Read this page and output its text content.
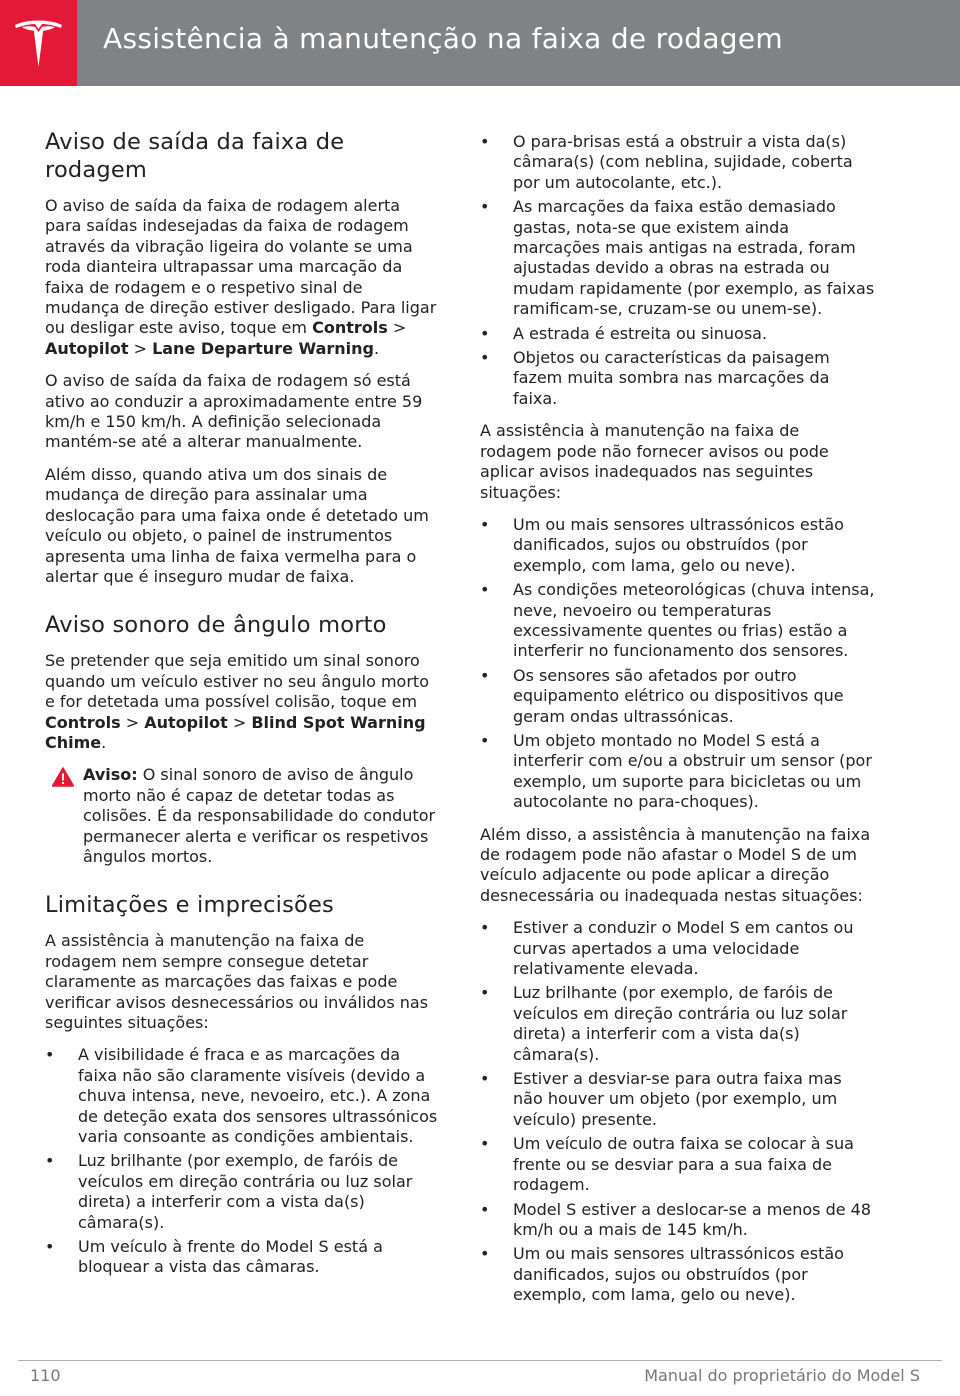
Assistência à manutenção na faixa de rodagem
Aviso de saída da faixa de rodagem

O aviso de saída da faixa de rodagem alerta para saídas indesejadas da faixa de rodagem através da vibração ligeira do volante se uma roda dianteira ultrapassar uma marcação da faixa de rodagem e o respetivo sinal de mudança de direção estiver desligado. Para ligar ou desligar este aviso, toque em Controls > Autopilot > Lane Departure Warning.

O aviso de saída da faixa de rodagem só está ativo ao conduzir a aproximadamente entre 59 km/h e 150 km/h. A definição selecionada mantém-se até a alterar manualmente.

Além disso, quando ativa um dos sinais de mudança de direção para assinalar uma deslocação para uma faixa onde é detetado um veículo ou objeto, o painel de instrumentos apresenta uma linha de faixa vermelha para o alertar que é inseguro mudar de faixa.

Aviso sonoro de ângulo morto

Se pretender que seja emitido um sinal sonoro quando um veículo estiver no seu ângulo morto e for detetada uma possível colisão, toque em Controls > Autopilot > Blind Spot Warning Chime.

Aviso: O sinal sonoro de aviso de ângulo morto não é capaz de detetar todas as colisões. É da responsabilidade do condutor permanecer alerta e verificar os respetivos ângulos mortos.
Limitações e imprecisões

A assistência à manutenção na faixa de rodagem nem sempre consegue detetar claramente as marcações das faixas e pode verificar avisos desnecessários ou inválidos nas seguintes situações:

• A visibilidade é fraca e as marcações da faixa não são claramente visíveis (devido a chuva intensa, neve, nevoeiro, etc.). A zona de deteção exata dos sensores ultrassónicos varia consoante as condições ambientais.
• Luz brilhante (por exemplo, de faróis de veículos em direção contrária ou luz solar direta) a interferir com a vista da(s) câmara(s).
• Um veículo à frente do Model S está a bloquear a vista das câmaras.
• O para-brisas está a obstruir a vista da(s) câmara(s) (com neblina, sujidade, coberta por um autocolante, etc.).
• As marcações da faixa estão demasiado gastas, nota-se que existem ainda marcações mais antigas na estrada, foram ajustadas devido a obras na estrada ou mudam rapidamente (por exemplo, as faixas ramificam-se, cruzam-se ou unem-se).
• A estrada é estreita ou sinuosa.
• Objetos ou características da paisagem fazem muita sombra nas marcações da faixa.

A assistência à manutenção na faixa de rodagem pode não fornecer avisos ou pode aplicar avisos inadequados nas seguintes situações:

• Um ou mais sensores ultrassónicos estão danificados, sujos ou obstruídos (por exemplo, com lama, gelo ou neve).
• As condições meteorológicas (chuva intensa, neve, nevoeiro ou temperaturas excessivamente quentes ou frias) estão a interferir no funcionamento dos sensores.
• Os sensores são afetados por outro equipamento elétrico ou dispositivos que geram ondas ultrassónicas.
• Um objeto montado no Model S está a interferir com e/ou a obstruir um sensor (por exemplo, um suporte para bicicletas ou um autocolante no para-choques).

Além disso, a assistência à manutenção na faixa de rodagem pode não afastar o Model S de um veículo adjacente ou pode aplicar a direção desnecessária ou inadequada nestas situações:

• Estiver a conduzir o Model S em cantos ou curvas apertados a uma velocidade relativamente elevada.
• Luz brilhante (por exemplo, de faróis de veículos em direção contrária ou luz solar direta) a interferir com a vista da(s) câmara(s).
• Estiver a desviar-se para outra faixa mas não houver um objeto (por exemplo, um veículo) presente.
• Um veículo de outra faixa se colocar à sua frente ou se desviar para a sua faixa de rodagem.
• Model S estiver a deslocar-se a menos de 48 km/h ou a mais de 145 km/h.
• Um ou mais sensores ultrassónicos estão danificados, sujos ou obstruídos (por exemplo, com lama, gelo ou neve).
110	Manual do proprietário do Model S
